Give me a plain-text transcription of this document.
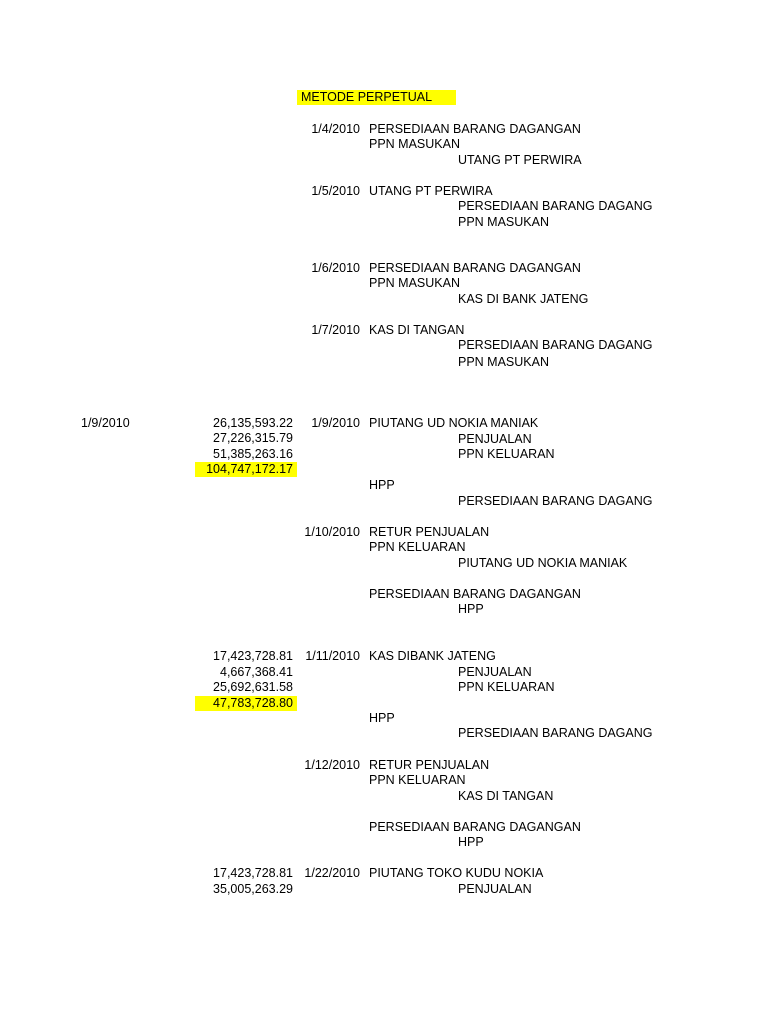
METODE PERPETUAL
1/4/2010 PERSEDIAAN BARANG DAGANGAN
PPN MASUKAN
UTANG PT PERWIRA
1/5/2010 UTANG PT PERWIRA
PERSEDIAAN BARANG DAGANG
PPN MASUKAN
1/6/2010 PERSEDIAAN BARANG DAGANGAN
PPN MASUKAN
KAS DI BANK JATENG
1/7/2010 KAS DI TANGAN
PERSEDIAAN BARANG DAGANG
PPN MASUKAN
1/9/2010	26,135,593.22
27,226,315.79
51,385,263.16
104,747,172.17
1/9/2010 PIUTANG UD NOKIA MANIAK
PENJUALAN
PPN KELUARAN
HPP
PERSEDIAAN BARANG DAGANG
1/10/2010 RETUR PENJUALAN
PPN KELUARAN
PIUTANG UD NOKIA MANIAK
PERSEDIAAN BARANG DAGANGAN
HPP
17,423,728.81
4,667,368.41
25,692,631.58
47,783,728.80
1/11/2010 KAS DIBANK JATENG
PENJUALAN
PPN KELUARAN
HPP
PERSEDIAAN BARANG DAGANG
1/12/2010 RETUR PENJUALAN
PPN KELUARAN
KAS DI TANGAN
PERSEDIAAN BARANG DAGANGAN
HPP
17,423,728.81
35,005,263.29
1/22/2010 PIUTANG TOKO KUDU NOKIA
PENJUALAN
